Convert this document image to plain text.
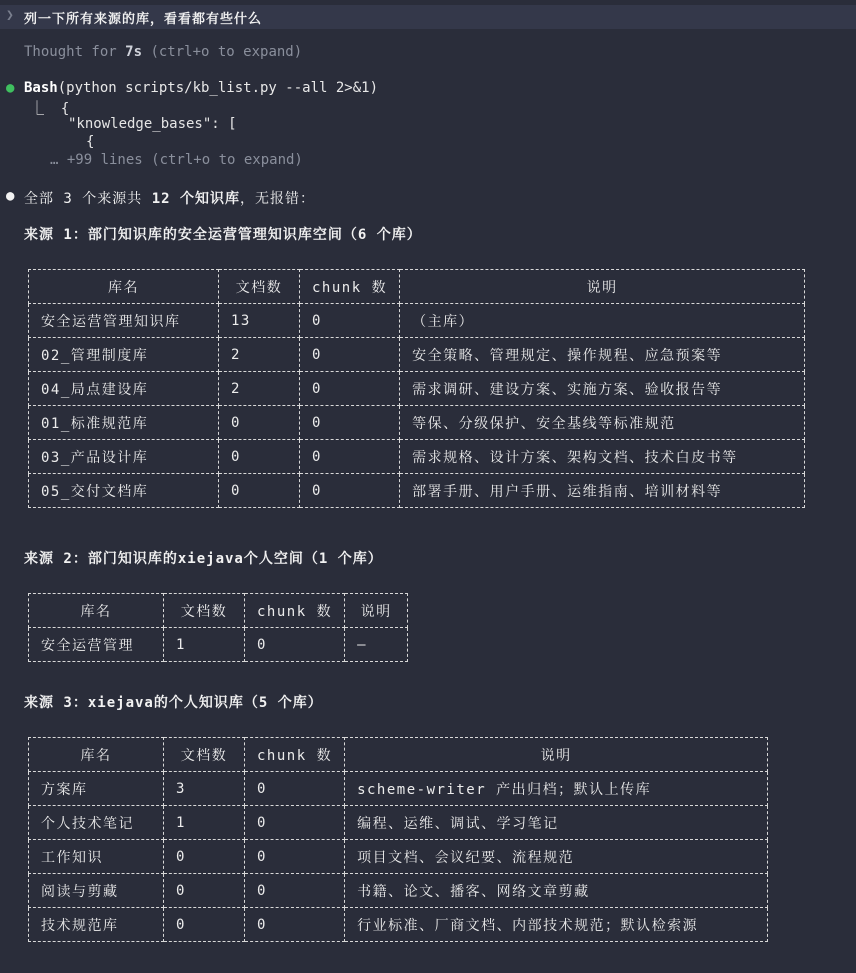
❯ 列一下所有来源的库，看看都有些什么
Thought for 7s (ctrl+o to expand)
● Bash(python scripts/kb_list.py --all 2>&1)
⎿  {
"knowledge_bases": [
{
… +99 lines (ctrl+o to expand)
● 全部 3 个来源共 12 个知识库，无报错：
来源 1：部门知识库的安全运营管理知识库空间（6 个库）
库名	文档数	chunk 数	说明
安全运营管理知识库	13	0	（主库）
02_管理制度库	2	0	安全策略、管理规定、操作规程、应急预案等
04_局点建设库	2	0	需求调研、建设方案、实施方案、验收报告等
01_标准规范库	0	0	等保、分级保护、安全基线等标准规范
03_产品设计库	0	0	需求规格、设计方案、架构文档、技术白皮书等
05_交付文档库	0	0	部署手册、用户手册、运维指南、培训材料等
来源 2：部门知识库的xiejava个人空间（1 个库）
库名	文档数	chunk 数	说明
安全运营管理	1	0	—
来源 3：xiejava的个人知识库（5 个库）
库名	文档数	chunk 数	说明
方案库	3	0	scheme-writer 产出归档；默认上传库
个人技术笔记	1	0	编程、运维、调试、学习笔记
工作知识	0	0	项目文档、会议纪要、流程规范
阅读与剪藏	0	0	书籍、论文、播客、网络文章剪藏
技术规范库	0	0	行业标准、厂商文档、内部技术规范；默认检索源
